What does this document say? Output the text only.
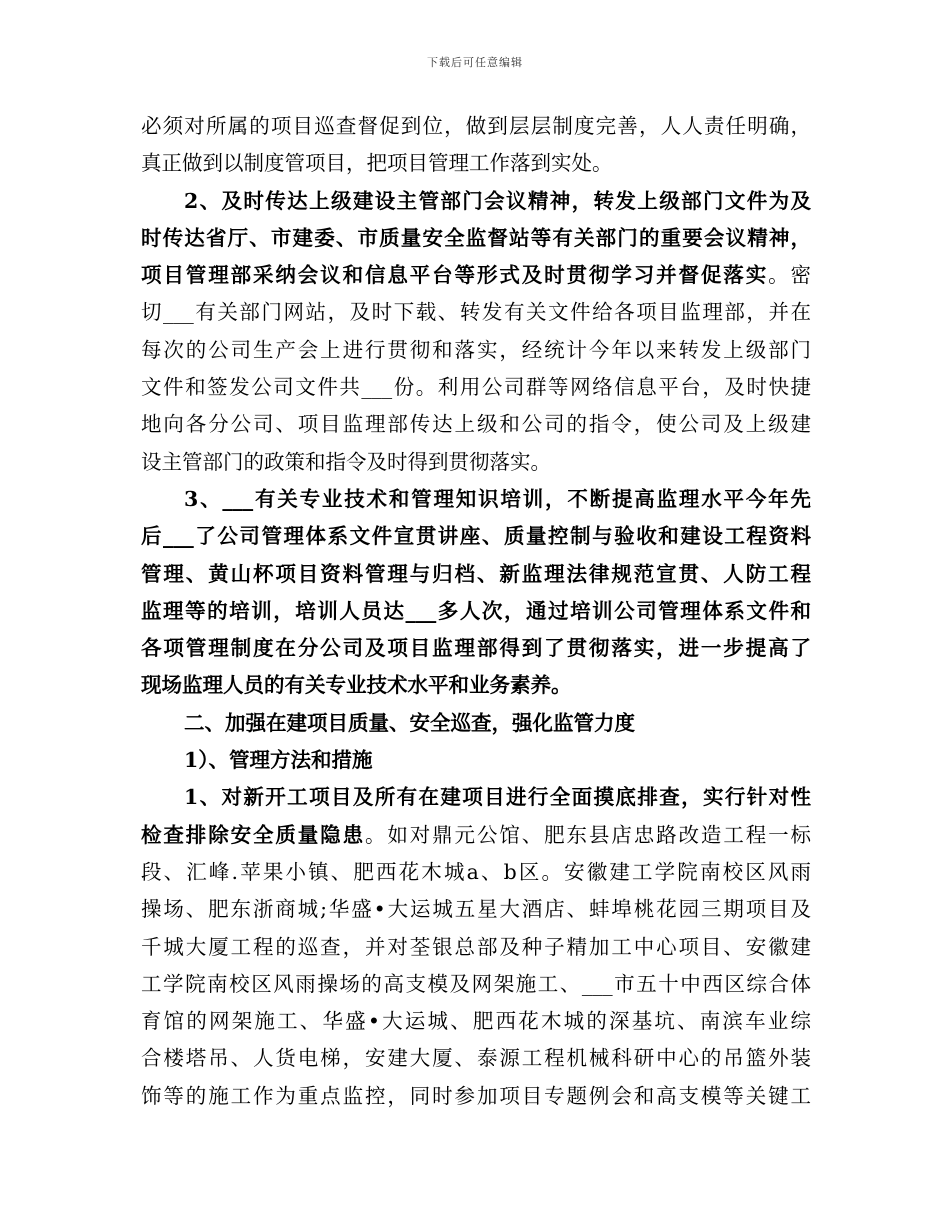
下载后可任意编辑
必须对所属的项目巡查督促到位，做到层层制度完善，人人责任明确，
真正做到以制度管项目，把项目管理工作落到实处。
2、及时传达上级建设主管部门会议精神，转发上级部门文件为及
时传达省厅、市建委、市质量安全监督站等有关部门的重要会议精神，
项目管理部采纳会议和信息平台等形式及时贯彻学习并督促落实。密
切___有关部门网站，及时下载、转发有关文件给各项目监理部，并在
每次的公司生产会上进行贯彻和落实，经统计今年以来转发上级部门
文件和签发公司文件共___份。利用公司群等网络信息平台，及时快捷
地向各分公司、项目监理部传达上级和公司的指令，使公司及上级建
设主管部门的政策和指令及时得到贯彻落实。
3、___有关专业技术和管理知识培训，不断提高监理水平今年先
后___了公司管理体系文件宣贯讲座、质量控制与验收和建设工程资料
管理、黄山杯项目资料管理与归档、新监理法律规范宣贯、人防工程
监理等的培训，培训人员达___多人次，通过培训公司管理体系文件和
各项管理制度在分公司及项目监理部得到了贯彻落实，进一步提高了
现场监理人员的有关专业技术水平和业务素养。
二、加强在建项目质量、安全巡查，强化监管力度
1）、管理方法和措施
1、对新开工项目及所有在建项目进行全面摸底排查，实行针对性
检查排除安全质量隐患。如对鼎元公馆、肥东县店忠路改造工程一标
段、汇峰.苹果小镇、肥西花木城a、b区。安徽建工学院南校区风雨
操场、肥东浙商城;华盛•大运城五星大酒店、蚌埠桃花园三期项目及
千城大厦工程的巡查，并对荃银总部及种子精加工中心项目、安徽建
工学院南校区风雨操场的高支模及网架施工、___市五十中西区综合体
育馆的网架施工、华盛•大运城、肥西花木城的深基坑、南滨车业综
合楼塔吊、人货电梯，安建大厦、泰源工程机械科研中心的吊篮外装
饰等的施工作为重点监控，同时参加项目专题例会和高支模等关键工
